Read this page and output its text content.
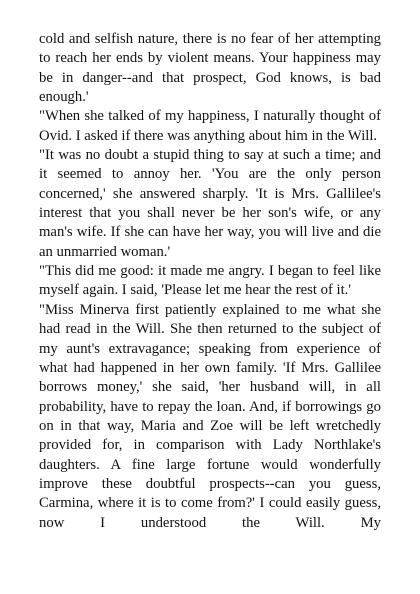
cold and selfish nature, there is no fear of her attempting to reach her ends by violent means. Your happiness may be in danger--and that prospect, God knows, is bad enough.'

"When she talked of my happiness, I naturally thought of Ovid. I asked if there was anything about him in the Will.

"It was no doubt a stupid thing to say at such a time; and it seemed to annoy her. 'You are the only person concerned,' she answered sharply. 'It is Mrs. Gallilee's interest that you shall never be her son's wife, or any man's wife. If she can have her way, you will live and die an unmarried woman.'

"This did me good: it made me angry. I began to feel like myself again. I said, 'Please let me hear the rest of it.'

"Miss Minerva first patiently explained to me what she had read in the Will. She then returned to the subject of my aunt's extravagance; speaking from experience of what had happened in her own family. 'If Mrs. Gallilee borrows money,' she said, 'her husband will, in all probability, have to repay the loan. And, if borrowings go on in that way, Maria and Zoe will be left wretchedly provided for, in comparison with Lady Northlake's daughters. A fine large fortune would wonderfully improve these doubtful prospects--can you guess, Carmina, where it is to come from?' I could easily guess, now I understood the Will. My
